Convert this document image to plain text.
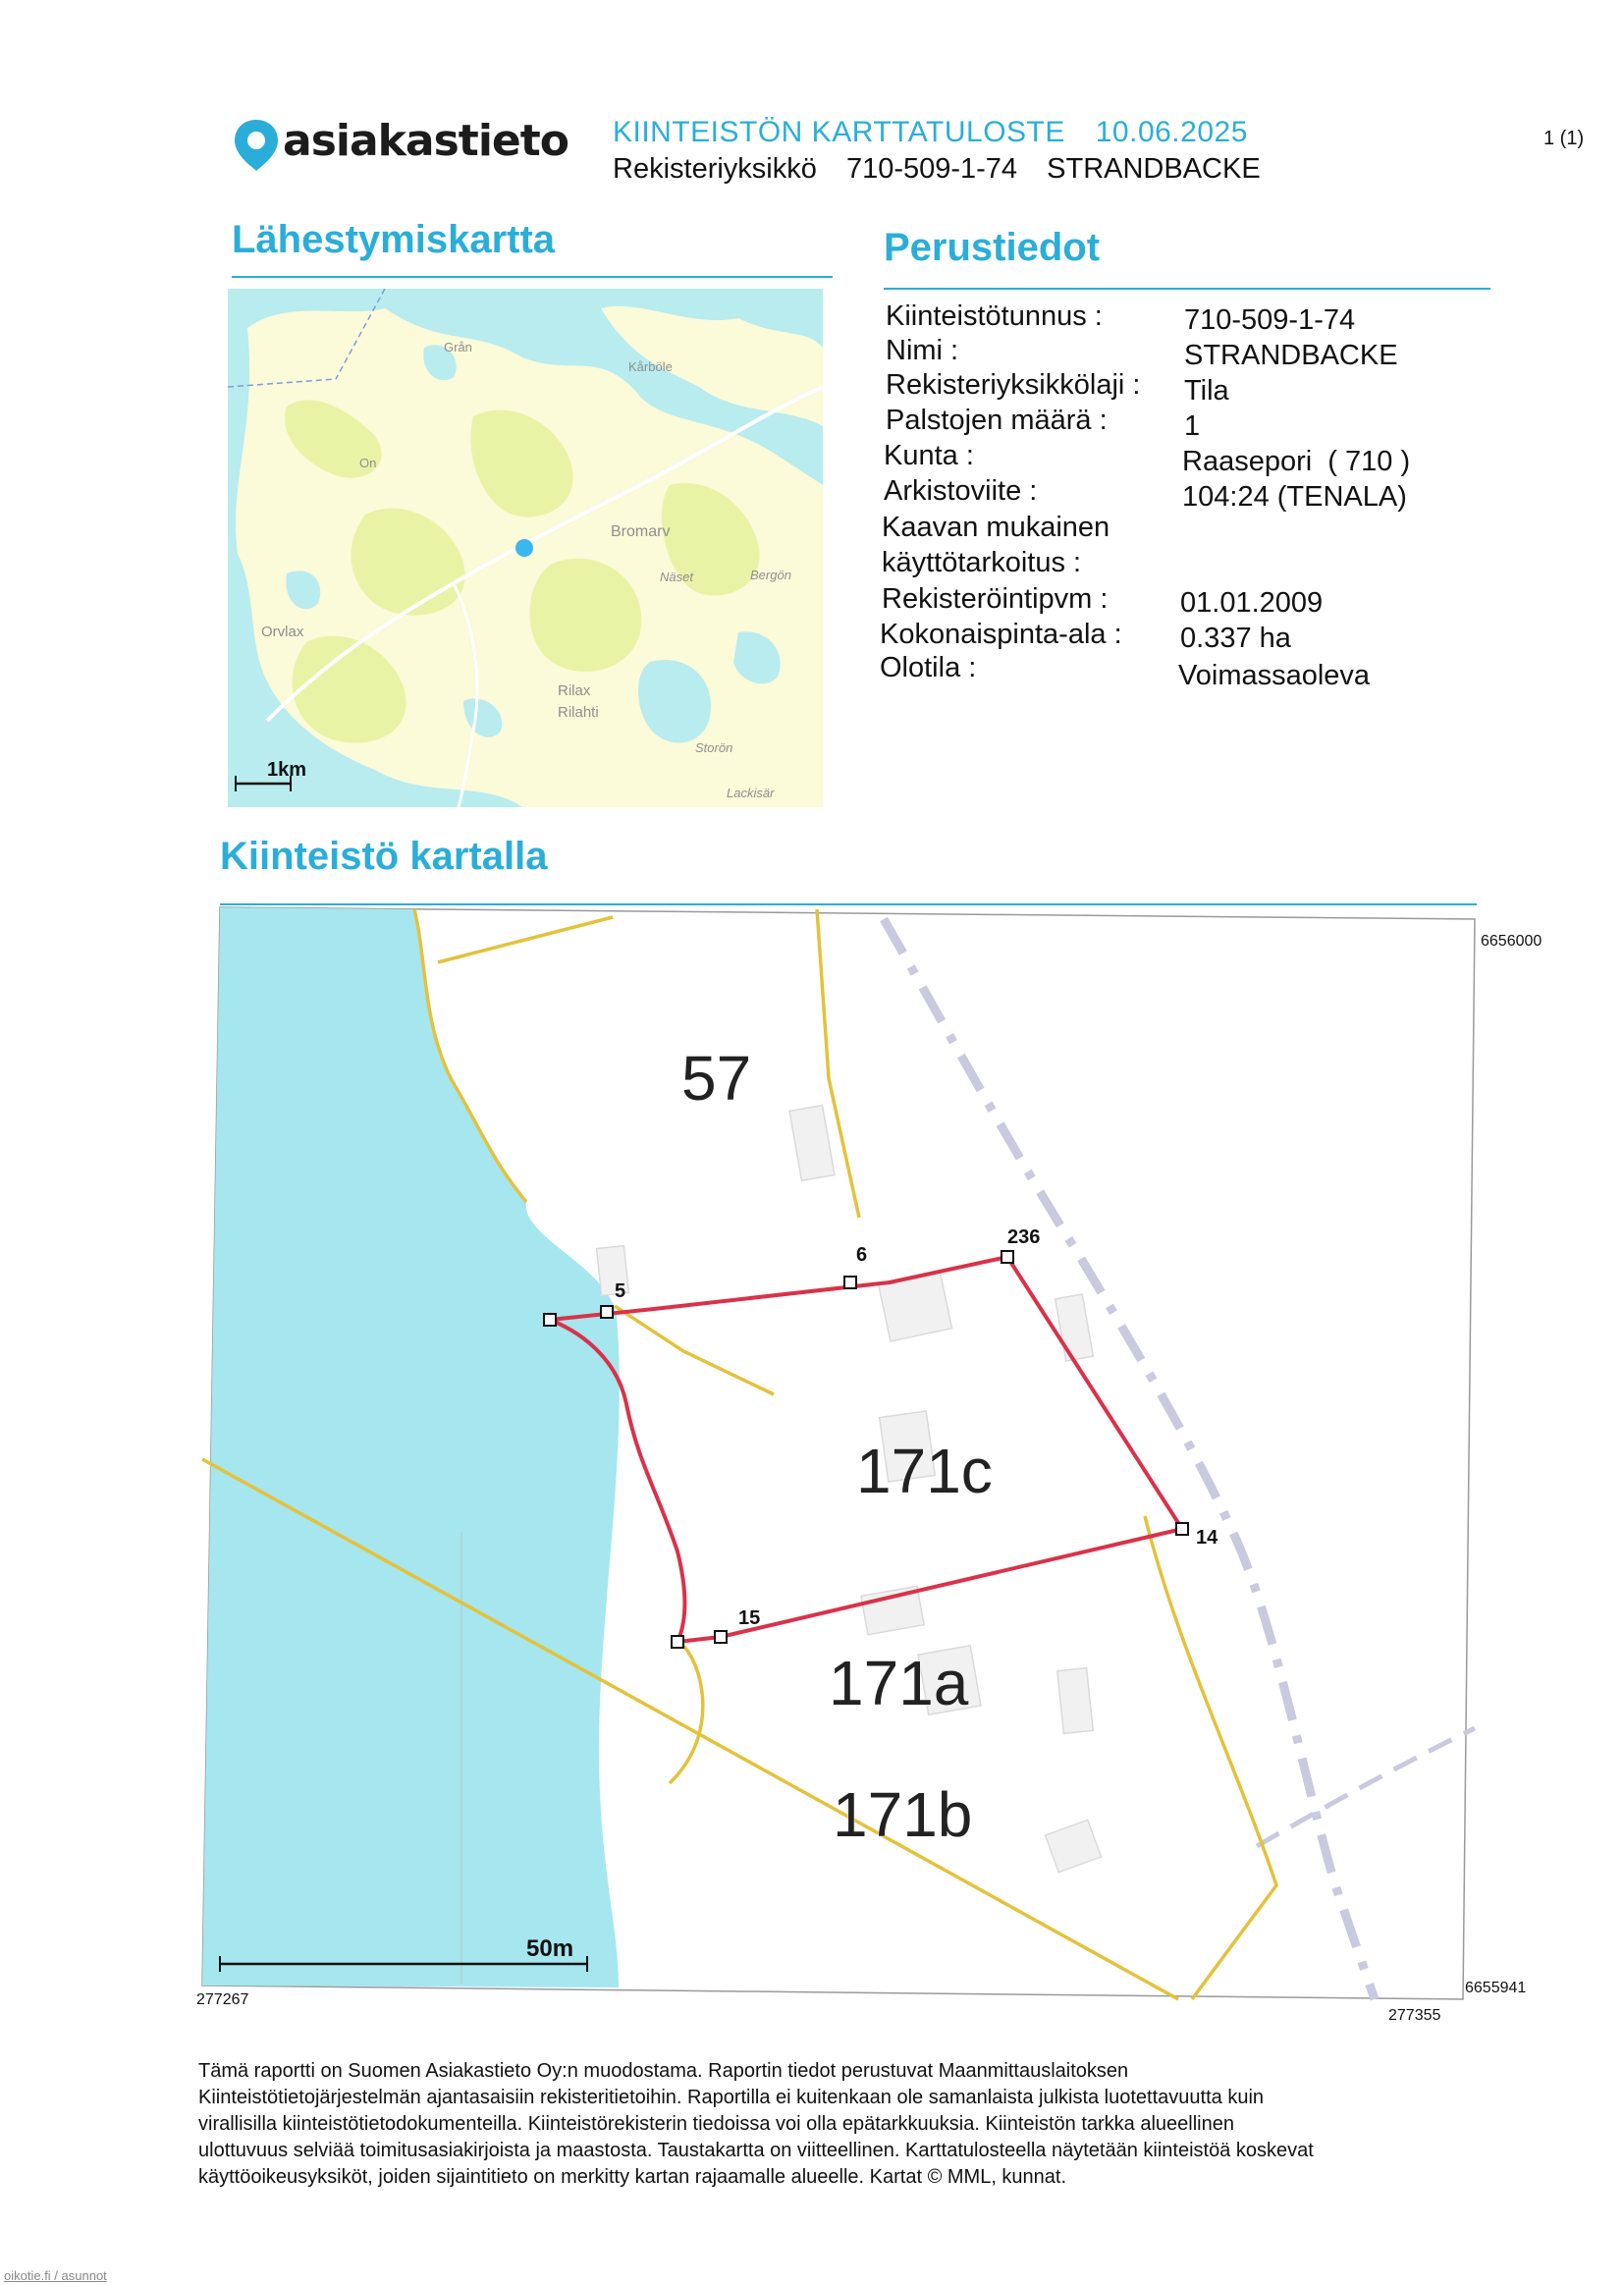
asiakastieto KIINTEISTÖN KARTTATULOSTE 10.06.2025
Rekisteriyksikkö 710-509-1-74 STRANDBACKE
1 (1)
Lähestymiskartta
Grån
Kårböle
On
Bromarv
Näset	Bergön
Orvlax
Rilax
Rilahti
Storön
Lackisär
1km
Perustiedot
Kiinteistötunnus :	710-509-1-74
Nimi :	STRANDBACKE
Rekisteriyksikkölaji : Tila
Palstojen määrä :	1
Kunta :	Raasepori  ( 710 )
Arkistoviite :	104:24 (TENALA)
Kaavan mukainen
käyttötarkoitus :
Rekisteröintipvm :	01.01.2009
Kokonaispinta-ala : 0.337 ha
Olotila :	Voimassaoleva
Kiinteistö kartalla
5
6
236
14
15
57
171c
171a
171b
50m
6656000
6655941
277267
277355
Tämä raportti on Suomen Asiakastieto Oy:n muodostama. Raportin tiedot perustuvat Maanmittauslaitoksen
Kiinteistötietojärjestelmän ajantasaisiin rekisteritietoihin. Raportilla ei kuitenkaan ole samanlaista julkista luotettavuutta kuin
virallisilla kiinteistötietodokumenteilla. Kiinteistörekisterin tiedoissa voi olla epätarkkuuksia. Kiinteistön tarkka alueellinen
ulottuvuus selviää toimitusasiakirjoista ja maastosta. Taustakartta on viitteellinen. Karttatulosteella näytetään kiinteistöä koskevat
käyttöoikeusyksiköt, joiden sijaintitieto on merkitty kartan rajaamalle alueelle. Kartat © MML, kunnat.
oikotie.fi / asunnot
